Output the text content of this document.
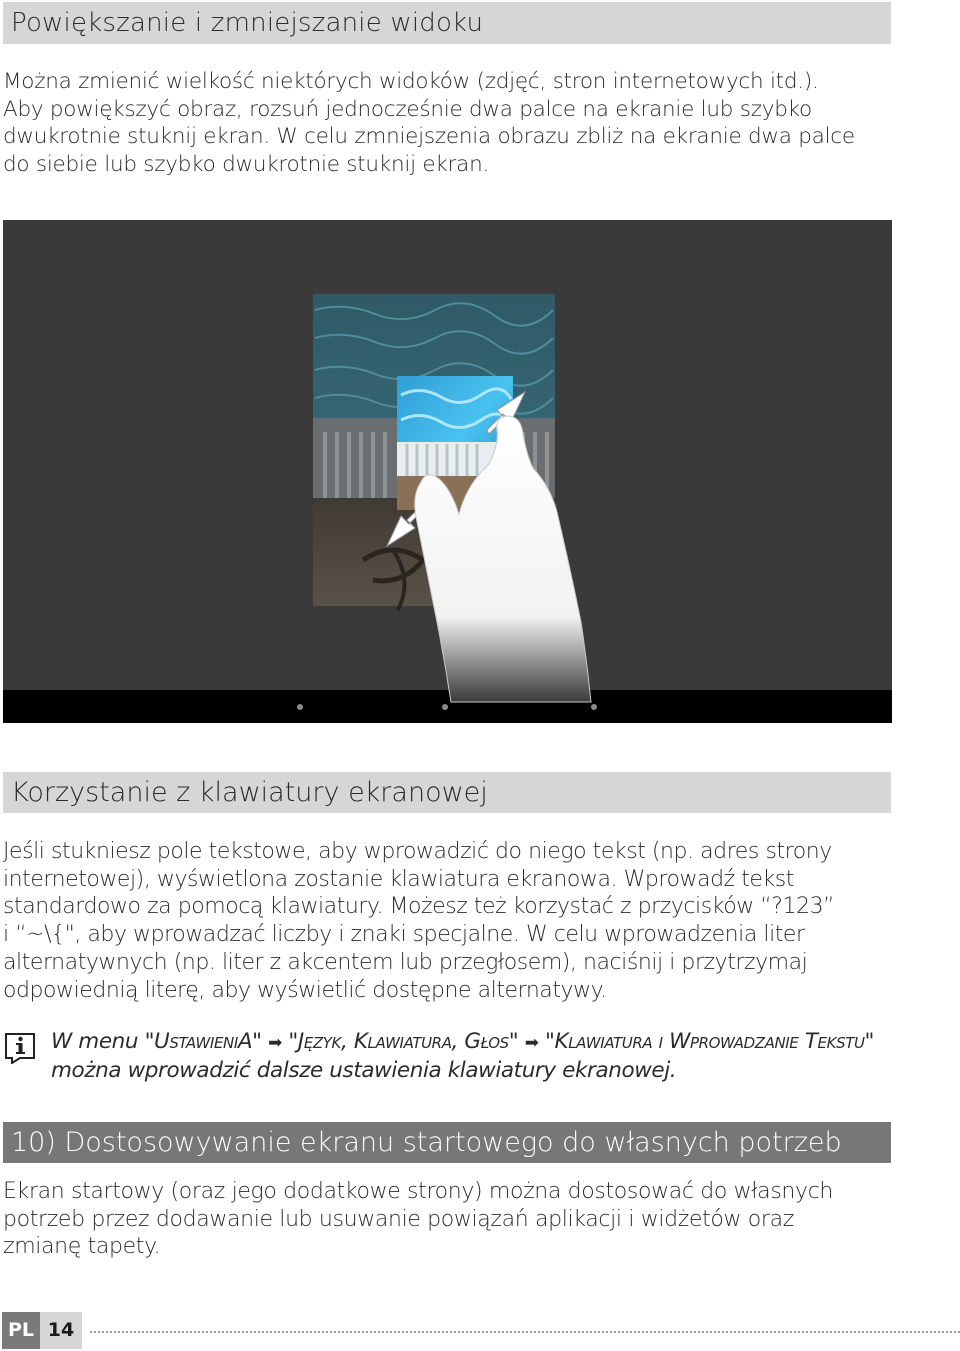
Powiększanie i zmniejszanie widoku
Można zmienić wielkość niektórych widoków (zdjęć, stron internetowych itd.).
Aby powiększyć obraz, rozsuń jednocześnie dwa palce na ekranie lub szybko
dwukrotnie stuknij ekran. W celu zmniejszenia obrazu zbliż na ekranie dwa palce
do siebie lub szybko dwukrotnie stuknij ekran.
Korzystanie z klawiatury ekranowej
Jeśli stukniesz pole tekstowe, aby wprowadzić do niego tekst (np. adres strony
internetowej), wyświetlona zostanie klawiatura ekranowa. Wprowadź tekst
standardowo za pomocą klawiatury. Możesz też korzystać z przycisków “?123”
i “~\{", aby wprowadzać liczby i znaki specjalne. W celu wprowadzenia liter
alternatywnych (np. liter z akcentem lub przegłosem), naciśnij i przytrzymaj
odpowiednią literę, aby wyświetlić dostępne alternatywy.
W menu "UstawieniA" ➡ "Język, Klawiatura, Głos" ➡ "Klawiatura i Wprowadzanie Tekstu"
można wprowadzić dalsze ustawienia klawiatury ekranowej.
10) Dostosowywanie ekranu startowego do własnych potrzeb
Ekran startowy (oraz jego dodatkowe strony) można dostosować do własnych
potrzeb przez dodawanie lub usuwanie powiązań aplikacji i widżetów oraz
zmianę tapety.
PL 14
